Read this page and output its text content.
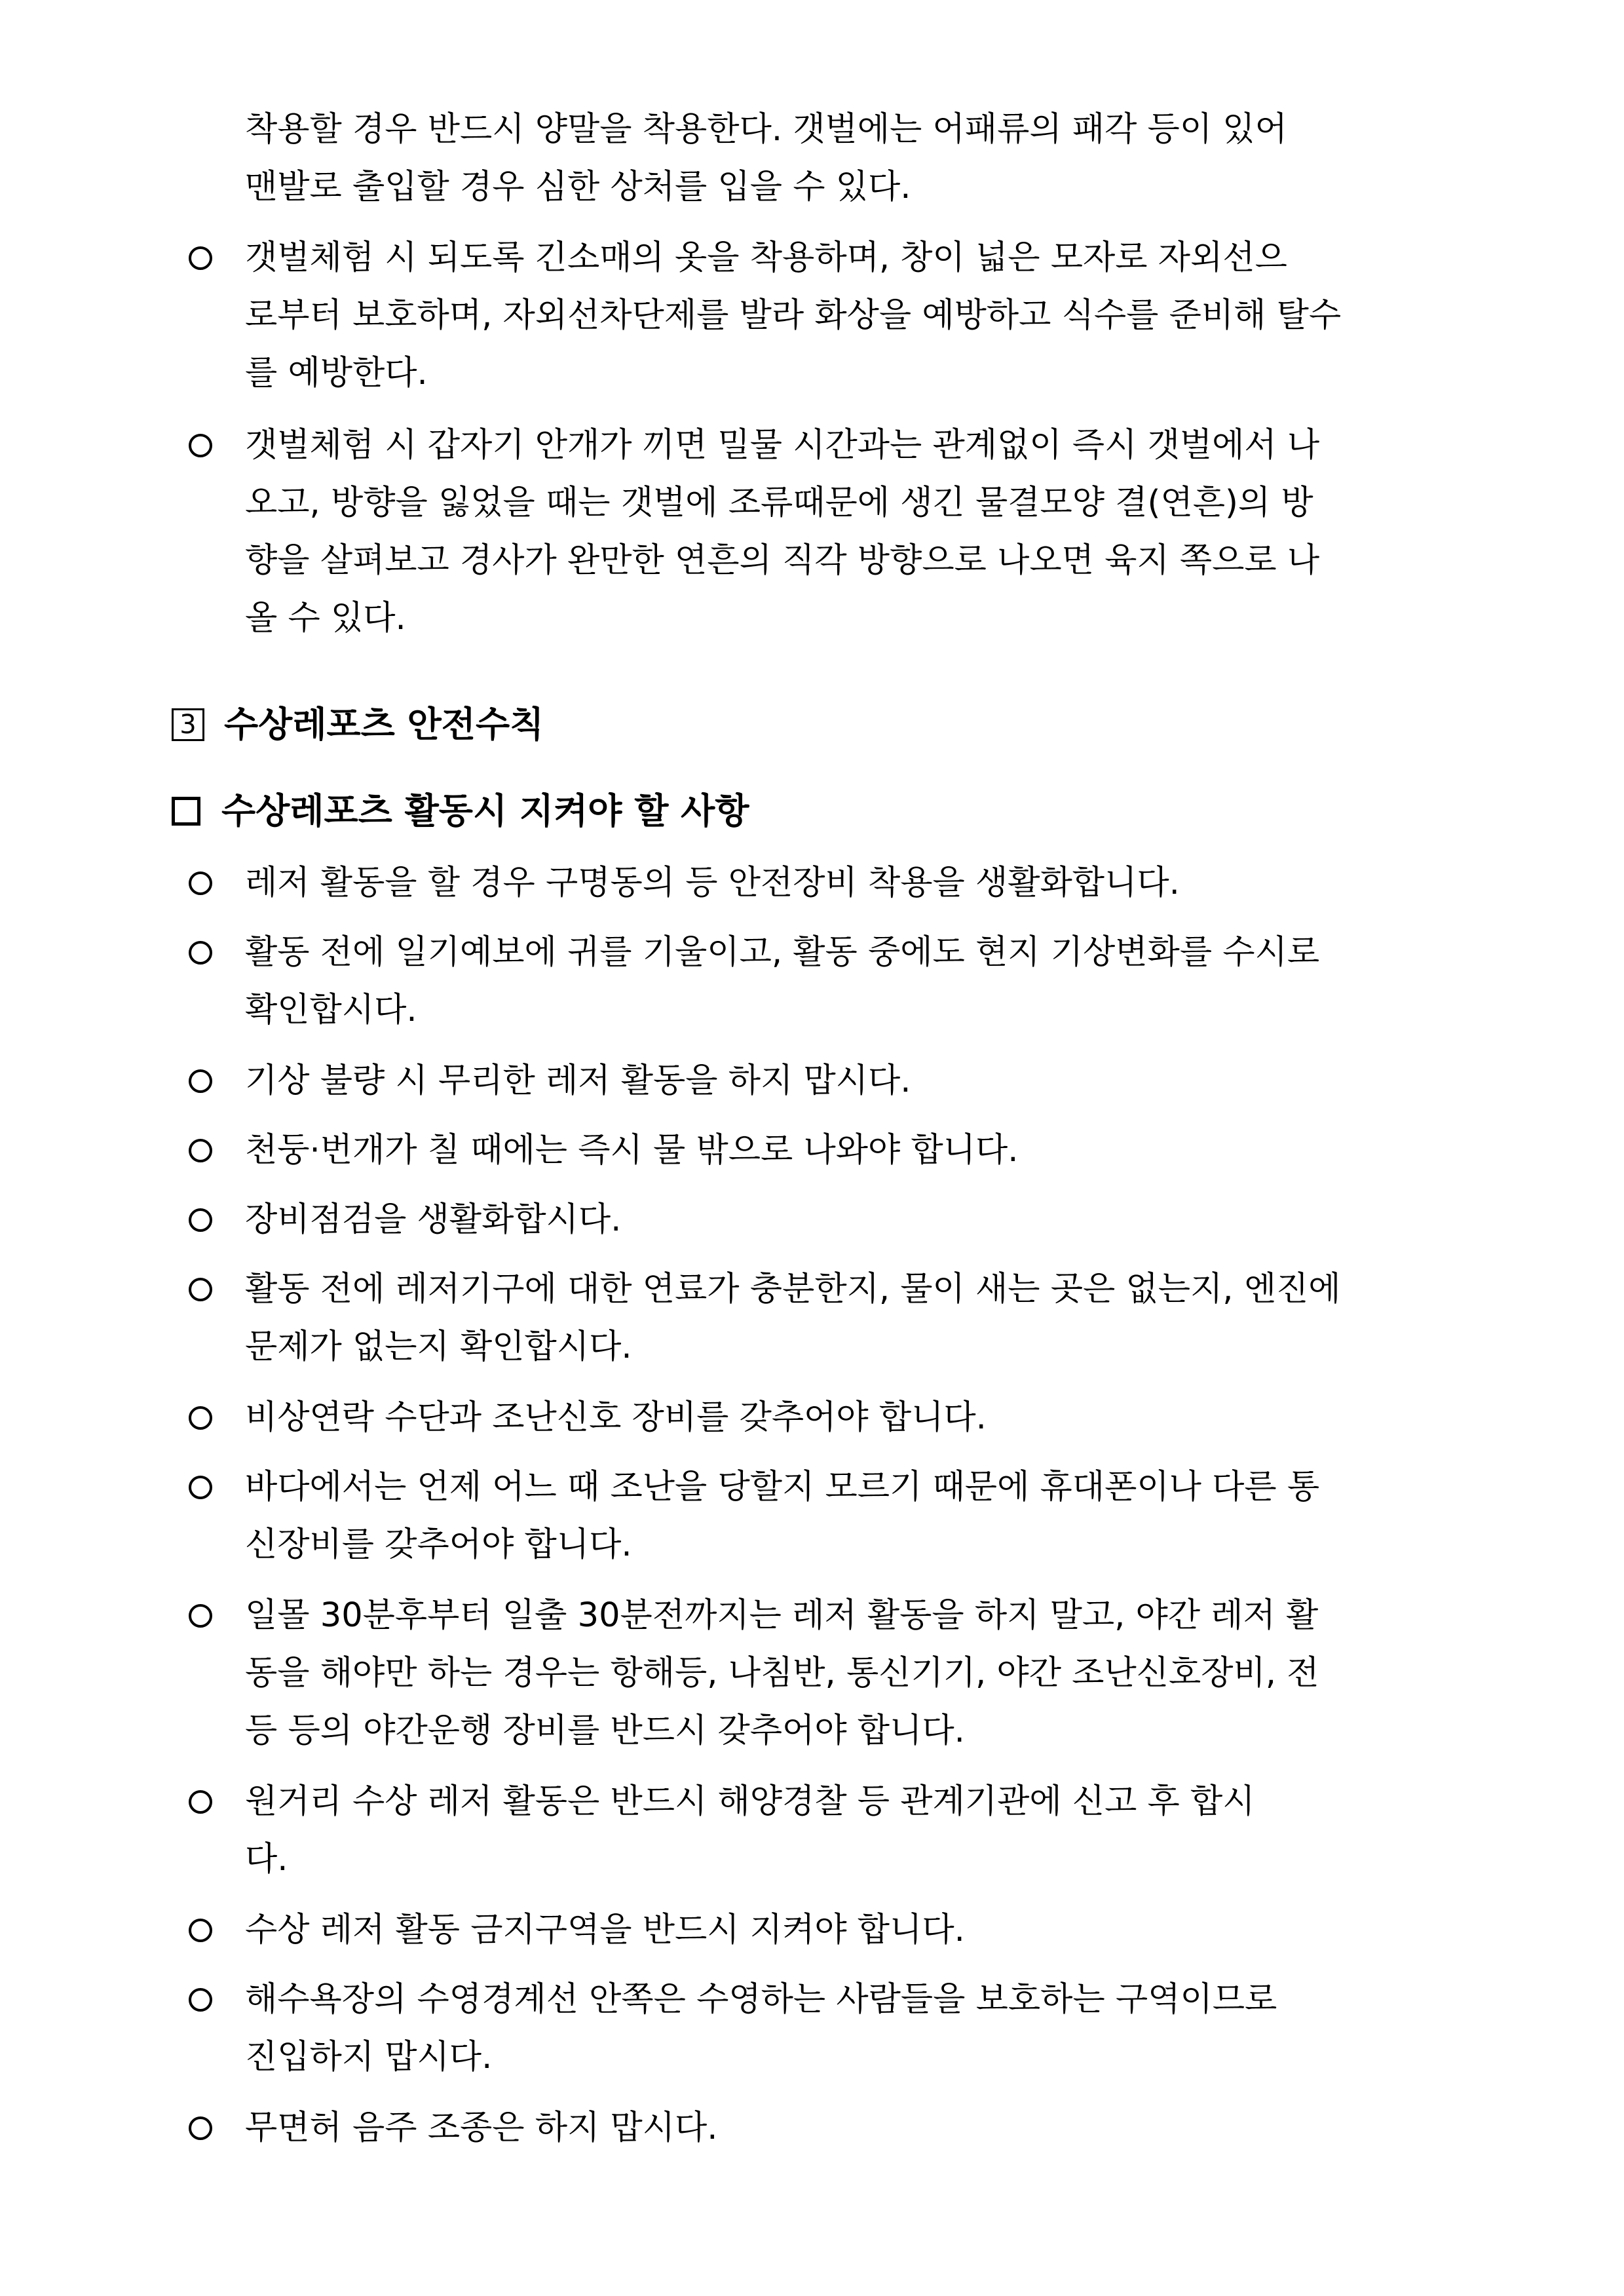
착용할 경우 반드시 양말을 착용한다. 갯벌에는 어패류의 패각 등이 있어
맨발로 출입할 경우 심한 상처를 입을 수 있다.
갯벌체험 시 되도록 긴소매의 옷을 착용하며, 창이 넓은 모자로 자외선으
로부터 보호하며, 자외선차단제를 발라 화상을 예방하고 식수를 준비해 탈수
를 예방한다.
갯벌체험 시 갑자기 안개가 끼면 밀물 시간과는 관계없이 즉시 갯벌에서 나
오고, 방향을 잃었을 때는 갯벌에 조류때문에 생긴 물결모양 결(연흔)의 방
향을 살펴보고 경사가 완만한 연흔의 직각 방향으로 나오면 육지 쪽으로 나
올 수 있다.
3 수상레포츠 안전수칙
수상레포츠 활동시 지켜야 할 사항
레저 활동을 할 경우 구명동의 등 안전장비 착용을 생활화합니다.
활동 전에 일기예보에 귀를 기울이고, 활동 중에도 현지 기상변화를 수시로
확인합시다.
기상 불량 시 무리한 레저 활동을 하지 맙시다.
천둥·번개가 칠 때에는 즉시 물 밖으로 나와야 합니다.
장비점검을 생활화합시다.
활동 전에 레저기구에 대한 연료가 충분한지, 물이 새는 곳은 없는지, 엔진에
문제가 없는지 확인합시다.
비상연락 수단과 조난신호 장비를 갖추어야 합니다.
바다에서는 언제 어느 때 조난을 당할지 모르기 때문에 휴대폰이나 다른 통
신장비를 갖추어야 합니다.
일몰 30분후부터 일출 30분전까지는 레저 활동을 하지 말고, 야간 레저 활
동을 해야만 하는 경우는 항해등, 나침반, 통신기기, 야간 조난신호장비, 전
등 등의 야간운행 장비를 반드시 갖추어야 합니다.
원거리 수상 레저 활동은 반드시 해양경찰 등 관계기관에 신고 후 합시
다.
수상 레저 활동 금지구역을 반드시 지켜야 합니다.
해수욕장의 수영경계선 안쪽은 수영하는 사람들을 보호하는 구역이므로
진입하지 맙시다.
무면허 음주 조종은 하지 맙시다.
